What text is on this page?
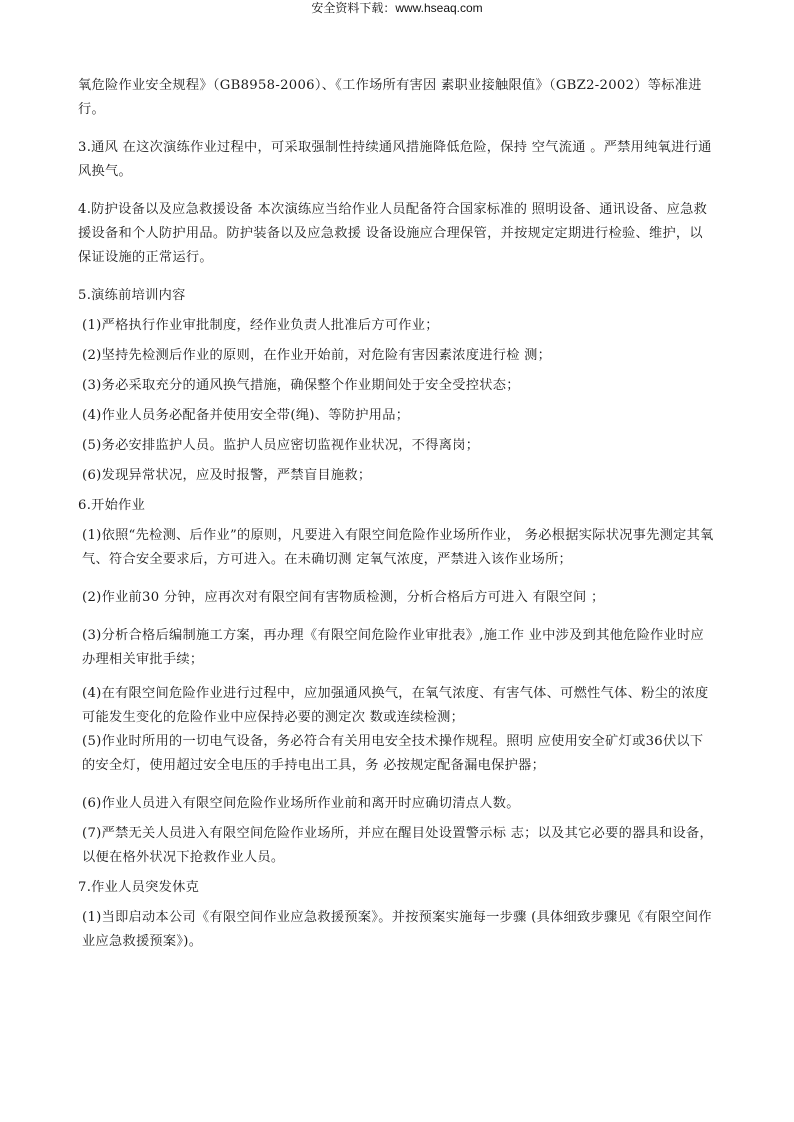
安全资料下载：www.hseaq.com

氧危险作业安全规程》（GB8958-2006）、《工作场所有害因 素职业接触限值》（GBZ2-2002）等标准进行。

3.通风 在这次演练作业过程中，可采取强制性持续通风措施降低危险，保持 空气流通 。严禁用纯氧进行通风换气。

4.防护设备以及应急救援设备 本次演练应当给作业人员配备符合国家标准的 照明设备、通讯设备、应急救援设备和个人防护用品。防护装备以及应急救援 设备设施应合理保管，并按规定定期进行检验、维护，以保证设施的正常运行。

5.演练前培训内容

(1)严格执行作业审批制度，经作业负责人批准后方可作业；

(2)坚持先检测后作业的原则，在作业开始前，对危险有害因素浓度进行检 测；

(3)务必采取充分的通风换气措施，确保整个作业期间处于安全受控状态；

(4)作业人员务必配备并使用安全带(绳)、等防护用品；

(5)务必安排监护人员。监护人员应密切监视作业状况，不得离岗；

(6)发现异常状况，应及时报警，严禁盲目施救；

6.开始作业

(1)依照“先检测、后作业”的原则，凡要进入有限空间危险作业场所作业， 务必根据实际状况事先测定其氧气、符合安全要求后，方可进入。在未确切测 定氧气浓度，严禁进入该作业场所；

(2)作业前30 分钟，应再次对有限空间有害物质检测，分析合格后方可进入 有限空间 ；

(3)分析合格后编制施工方案，再办理《有限空间危险作业审批表》,施工作 业中涉及到其他危险作业时应办理相关审批手续；

(4)在有限空间危险作业进行过程中，应加强通风换气，在氧气浓度、有害气体、可燃性气体、粉尘的浓度可能发生变化的危险作业中应保持必要的测定次 数或连续检测；

(5)作业时所用的一切电气设备，务必符合有关用电安全技术操作规程。照明 应使用安全矿灯或36伏以下的安全灯，使用超过安全电压的手持电出工具，务 必按规定配备漏电保护器；

(6)作业人员进入有限空间危险作业场所作业前和离开时应确切清点人数。

(7)严禁无关人员进入有限空间危险作业场所，并应在醒目处设置警示标 志；以及其它必要的器具和设备，以便在格外状况下抢救作业人员。

7.作业人员突发休克

(1)当即启动本公司《有限空间作业应急救援预案》。并按预案实施每一步骤 (具体细致步骤见《有限空间作业应急救援预案》)。
